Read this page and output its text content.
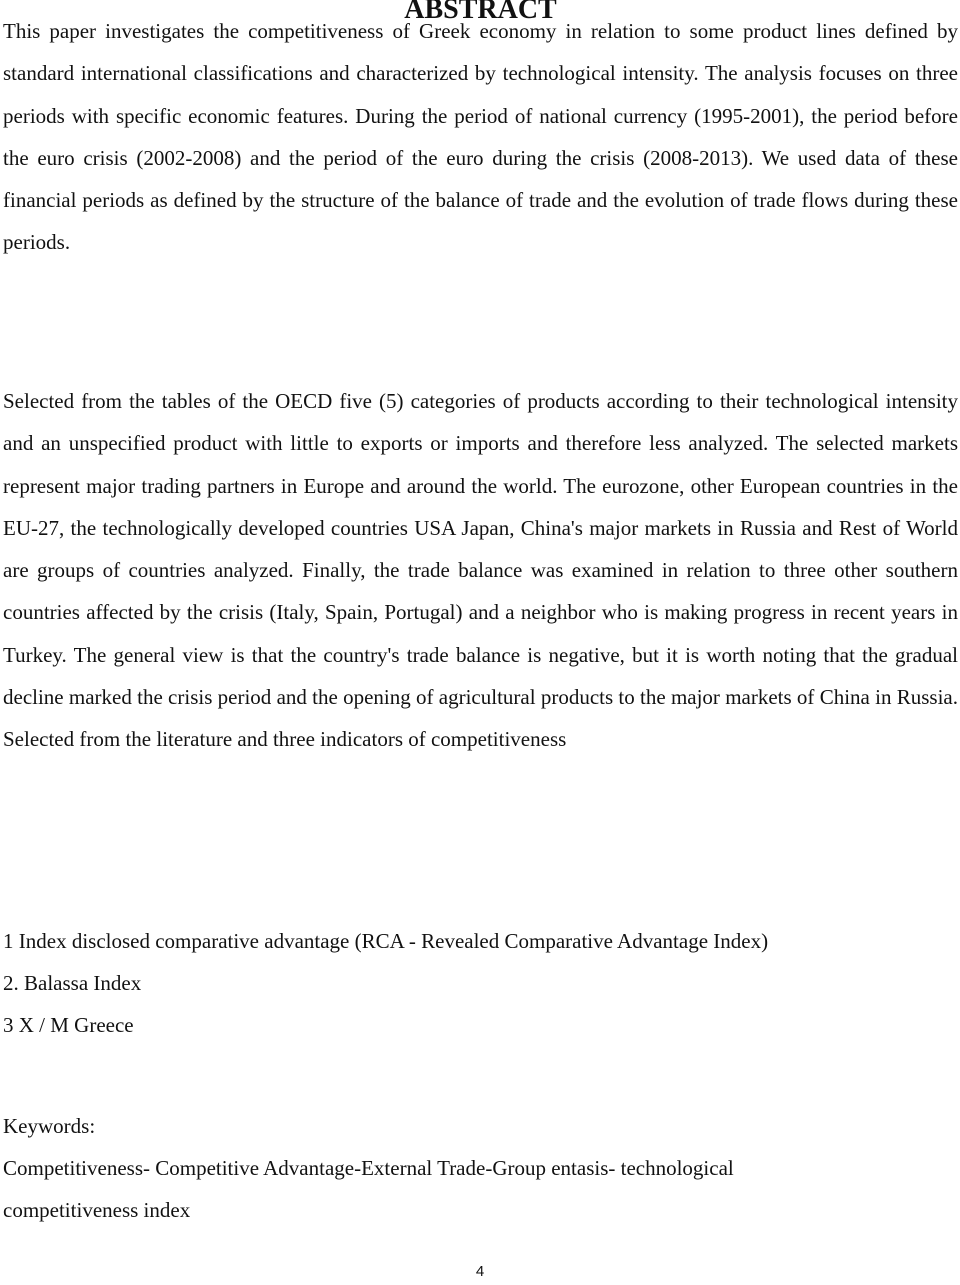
ABSTRACT

This paper investigates the competitiveness of Greek economy in relation to some product lines defined by standard international classifications and characterized by technological intensity. The analysis focuses on three periods with specific economic features. During the period of national currency (1995-2001), the period before the euro crisis (2002-2008) and the period of the euro during the crisis (2008-2013). We used data of these financial periods as defined by the structure of the balance of trade and the evolution of trade flows during these periods.

Selected from the tables of the OECD five (5) categories of products according to their technological intensity and an unspecified product with little to exports or imports and therefore less analyzed. The selected markets represent major trading partners in Europe and around the world. The eurozone, other European countries in the EU-27, the technologically developed countries USA Japan, China's major markets in Russia and Rest of World are groups of countries analyzed. Finally, the trade balance was examined in relation to three other southern countries affected by the crisis (Italy, Spain, Portugal) and a neighbor who is making progress in recent years in Turkey. The general view is that the country's trade balance is negative, but it is worth noting that the gradual decline marked the crisis period and the opening of agricultural products to the major markets of China in Russia. Selected from the literature and three indicators of competitiveness

1 Index disclosed comparative advantage (RCA - Revealed Comparative Advantage Index)

2. Balassa Index

3 X / M Greece

Keywords:

Competitiveness- Competitive Advantage-External Trade-Group entasis- technological competitiveness index

4
